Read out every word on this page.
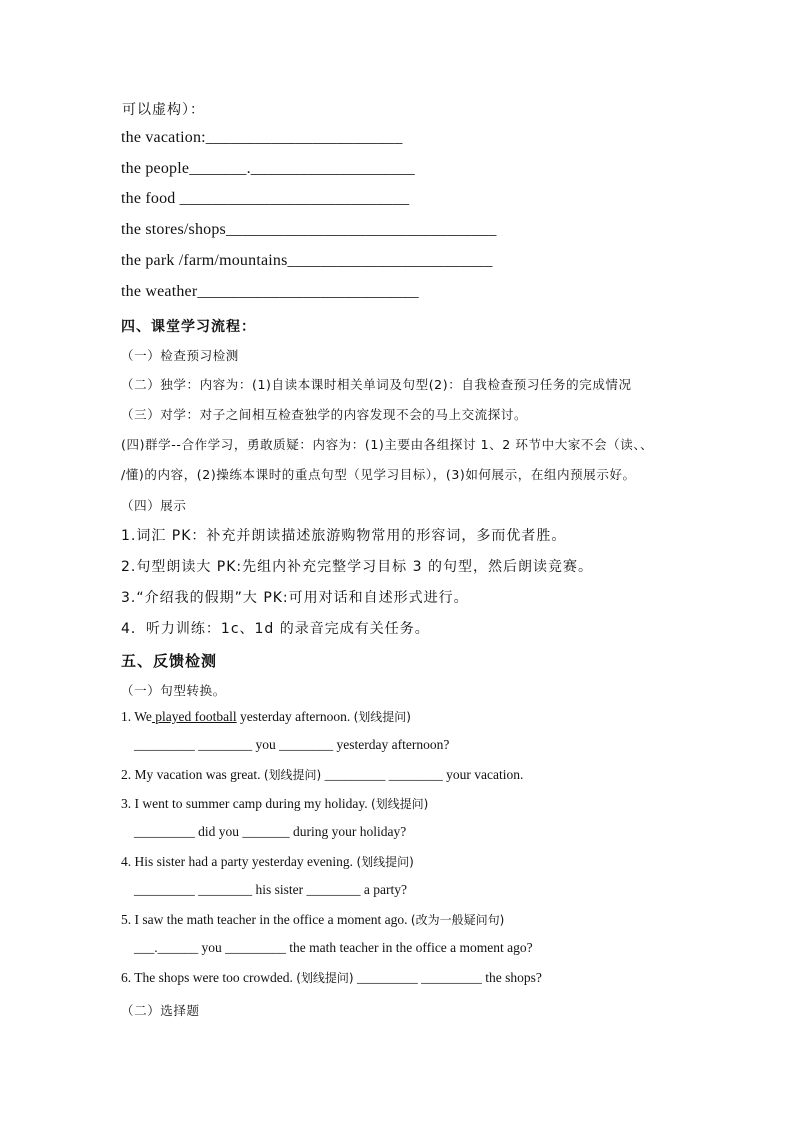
可以虚构）：
the vacation:________________________
the people_______.____________________
the food ____________________________
the stores/shops_________________________________
the park /farm/mountains_________________________
the weather___________________________
四、课堂学习流程：
（一）检查预习检测
（二）独学：内容为：(1)自读本课时相关单词及句型(2)：自我检查预习任务的完成情况
（三）对学：对子之间相互检查独学的内容发现不会的马上交流探讨。
(四)群学--合作学习，勇敢质疑：内容为：(1)主要由各组探讨 1、2 环节中大家不会（读、、
/懂)的内容，(2)操练本课时的重点句型（见学习目标），(3)如何展示，在组内预展示好。
（四）展示
1.词汇 PK：补充并朗读描述旅游购物常用的形容词，多而优者胜。
2.句型朗读大 PK:先组内补充完整学习目标 3 的句型，然后朗读竞赛。
3.“介绍我的假期”大 PK:可用对话和自述形式进行。
4．听力训练：1c、1d 的录音完成有关任务。
五、反馈检测
（一）句型转换。
1. We played football yesterday afternoon. (划线提问)
_________ ________ you ________ yesterday afternoon?
2. My vacation was great. (划线提问) _________ ________ your vacation.
3. I went to summer camp during my holiday. (划线提问)
_________ did you _______ during your holiday?
4. His sister had a party yesterday evening. (划线提问)
_________ ________ his sister ________ a party?
5. I saw the math teacher in the office a moment ago. (改为一般疑问句)
___.______ you _________ the math teacher in the office a moment ago?
6. The shops were too crowded. (划线提问) _________ _________ the shops?
（二）选择题
